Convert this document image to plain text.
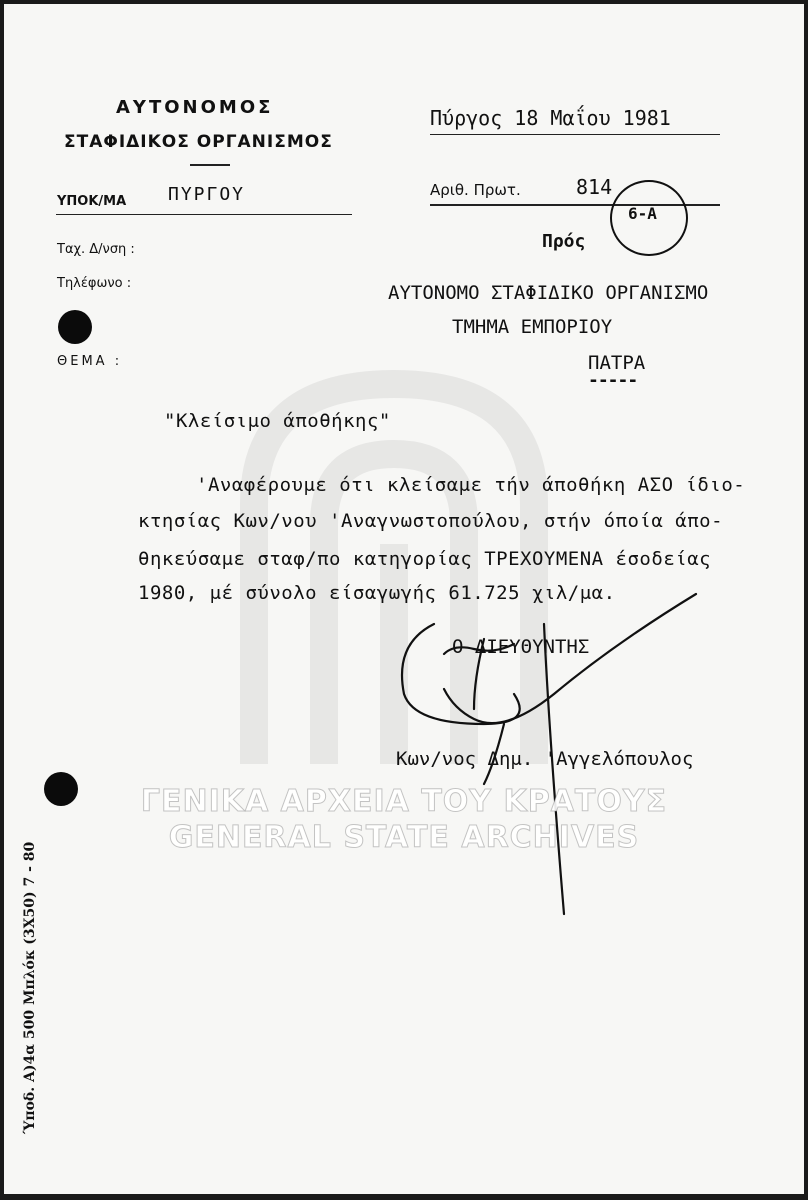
ΑΥΤΟΝΟΜΟΣ
ΣΤΑΦΙΔΙΚΟΣ ΟΡΓΑΝΙΣΜΟΣ
ΥΠΟΚ/ΜΑ ΠΥΡΓΟΥ
Ταχ. Δ/νση :
Τηλέφωνο :
ΘΕΜΑ :
Πύργος 18 Μαΐου 1981
Αριθ. Πρωτ.	814
6-Α
Πρός
ΑΥΤΟΝΟΜΟ ΣΤΑΦΙΔΙΚΟ ΟΡΓΑΝΙΣΜΟ
ΤΜΗΜΑ ΕΜΠΟΡΙΟΥ
ΠΑΤΡΑ
-----
"Κλείσιμο άποθήκης"
'Αναφέρουμε ότι κλείσαμε τήν άποθήκη ΑΣΟ ίδιο-
κτησίας Κων/νου 'Αναγνωστοπούλου, στήν όποία άπο-
θηκεύσαμε σταφ/πο κατηγορίας ΤΡΕΧΟΥΜΕΝΑ έσοδείας
1980, μέ σύνολο είσαγωγής 61.725 χιλ/μα.
Ο ΔΙΕΥΘΥΝΤΗΣ
Κων/νος Δημ. 'Αγγελόπουλος
ΓΕΝΙΚΑ ΑΡΧΕΙΑ ΤΟΥ ΚΡΑΤΟΥΣ
GENERAL STATE ARCHIVES
Ύποδ. Α)4α 500 Μπλόκ (3Χ50) 7 - 80
